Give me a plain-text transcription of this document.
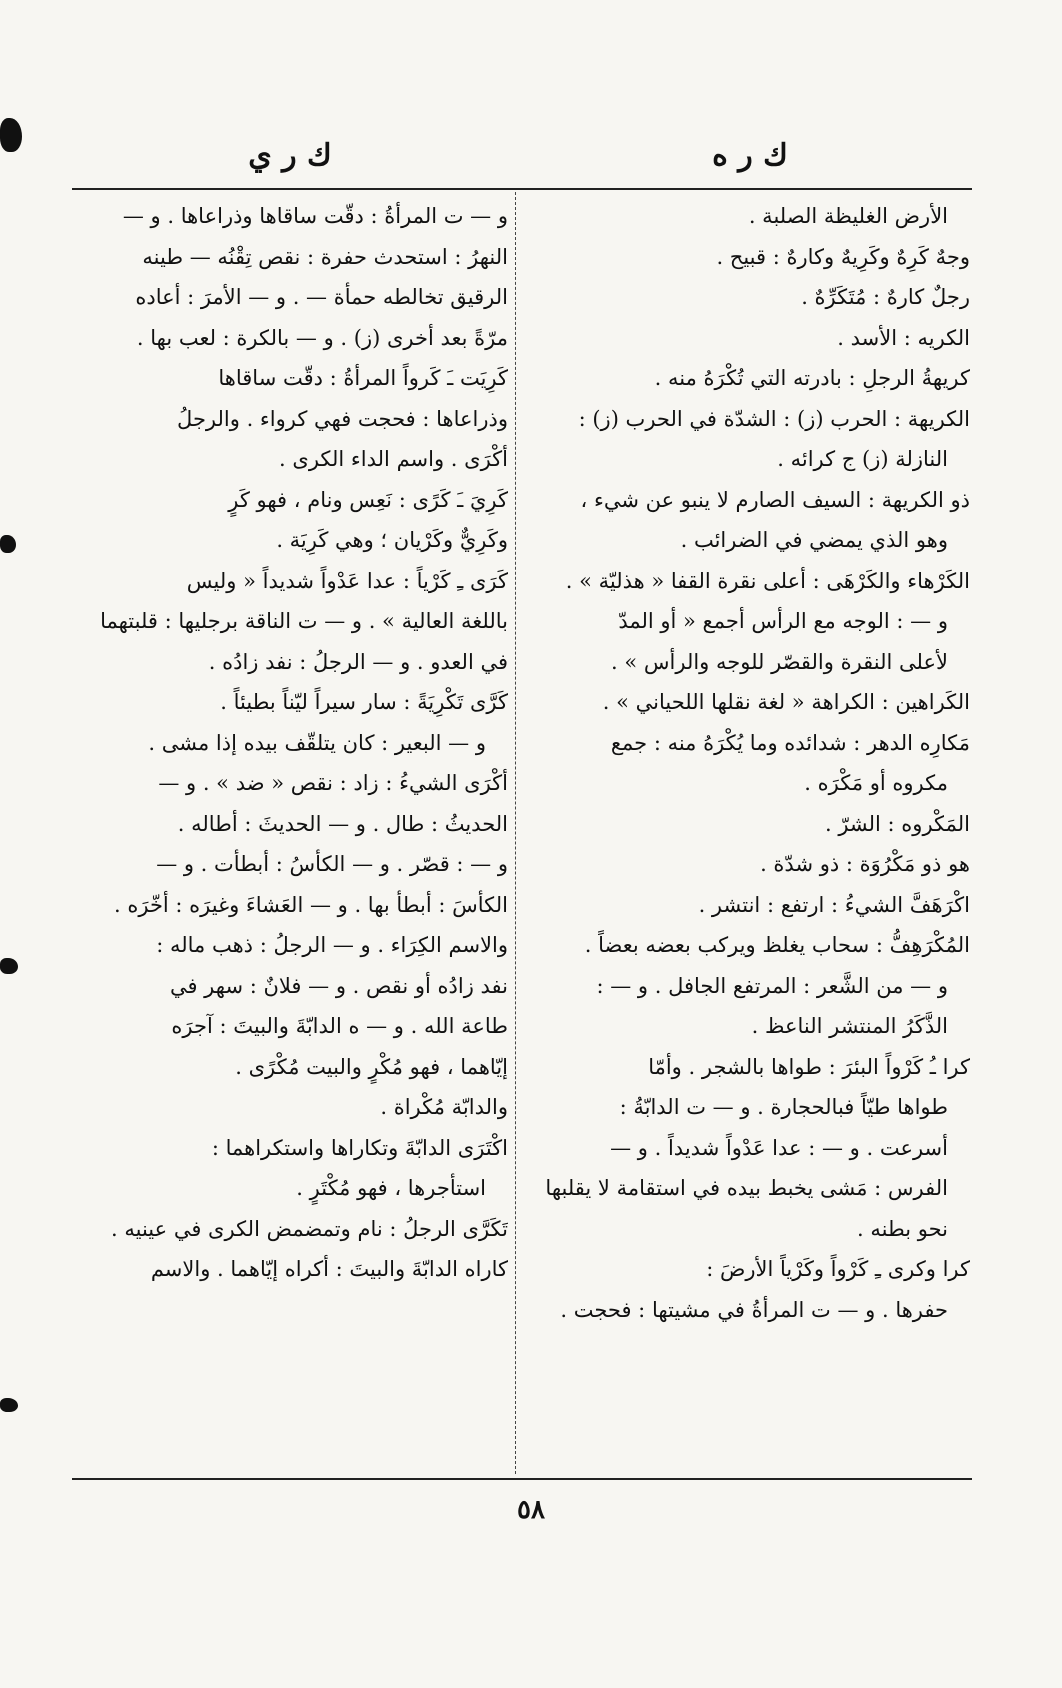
ك ر ه
ك ر ي
الأرض الغليظة الصلبة .
وجهٌ كَرِهٌ وكَرِيهٌ وكارهٌ : قبيح .
رجلٌ كارهٌ : مُتَكَرِّهٌ .
الكريه : الأسد .
كريهةُ الرجلِ : بادرته التي تُكْرَهُ منه .
الكريهة : الحرب (ز) : الشدّة في الحرب (ز) :
النازلة (ز) ج كرائه .
ذو الكريهة : السيف الصارم لا ينبو عن شيء ،
وهو الذي يمضي في الضرائب .
الكَرْهاء والكَرْهَى : أعلى نقرة القفا « هذليّة » .
و — : الوجه مع الرأس أجمع « أو المدّ
لأعلى النقرة والقصّر للوجه والرأس » .
الكَراهين : الكراهة « لغة نقلها اللحياني » .
مَكارِه الدهر : شدائده وما يُكْرَهُ منه : جمع
مكروه أو مَكْرَه .
المَكْروه : الشرّ .
هو ذو مَكْرُوَة : ذو شدّة .
اكْرَهَفَّ الشيءُ : ارتفع : انتشر .
المُكْرَهِفُّ : سحاب يغلظ ويركب بعضه بعضاً .
و — من الشَّعر : المرتفع الجافل . و — :
الذَّكَرُ المنتشر الناعظ .
كرا ـُ كَرْواً البئرَ : طواها بالشجر . وأمّا
طواها طيّاً فبالحجارة . و — ت الدابّةُ :
أسرعت . و — : عدا عَدْواً شديداً . و —
الفرس : مَشى يخبط بيده في استقامة لا يقلبها
نحو بطنه .
كرا وكرى ـِ كَرْواً وكَرْياً الأرضَ :
حفرها . و — ت المرأةُ في مشيتها : فحجت .
و — ت المرأةُ : دقّت ساقاها وذراعاها . و —
النهرُ : استحدث حفرة : نقص تِقْنُه — طينه
الرقيق تخالطه حمأة — . و — الأمرَ : أعاده
مرّةً بعد أخرى (ز) . و — بالكرة : لعب بها .
كَرِيَت ـَ كَرواً المرأةُ : دقّت ساقاها
وذراعاها : فحجت فهي كرواء . والرجلُ
أكْرَى . واسم الداء الكرى .
كَرِيَ ـَ كَرًى : نَعِس ونام ، فهو كَرٍ
وكَرِيٌّ وكَرْيان ؛ وهي كَرِيَة .
كَرَى ـِ كَرْياً : عدا عَدْواً شديداً « وليس
باللغة العالية » . و — ت الناقة برجليها : قلبتهما
في العدو . و — الرجلُ : نفد زادُه .
كَرَّى تَكْرِيَةً : سار سيراً ليّناً بطيئاً .
و — البعير : كان يتلقّف بيده إذا مشى .
أكْرَى الشيءُ : زاد : نقص « ضد » . و —
الحديثُ : طال . و — الحديثَ : أطاله .
و — : قصّر . و — الكأسُ : أبطأت . و —
الكأسَ : أبطأ بها . و — العَشاءَ وغيرَه : أخّرَه .
والاسم الكِرَاء . و — الرجلُ : ذهب ماله :
نفد زادُه أو نقص . و — فلانٌ : سهر في
طاعة الله . و — ه الدابّةَ والبيتَ : آجرَه
إيّاهما ، فهو مُكْرٍ والبيت مُكْرًى .
والدابّة مُكْراة .
اكْتَرَى الدابّةَ وتكاراها واستكراهما :
استأجرها ، فهو مُكْتَرٍ .
تَكَرَّى الرجلُ : نام وتمضمض الكرى في عينيه .
كاراه الدابّةَ والبيتَ : أكراه إيّاهما . والاسم
٥٨
